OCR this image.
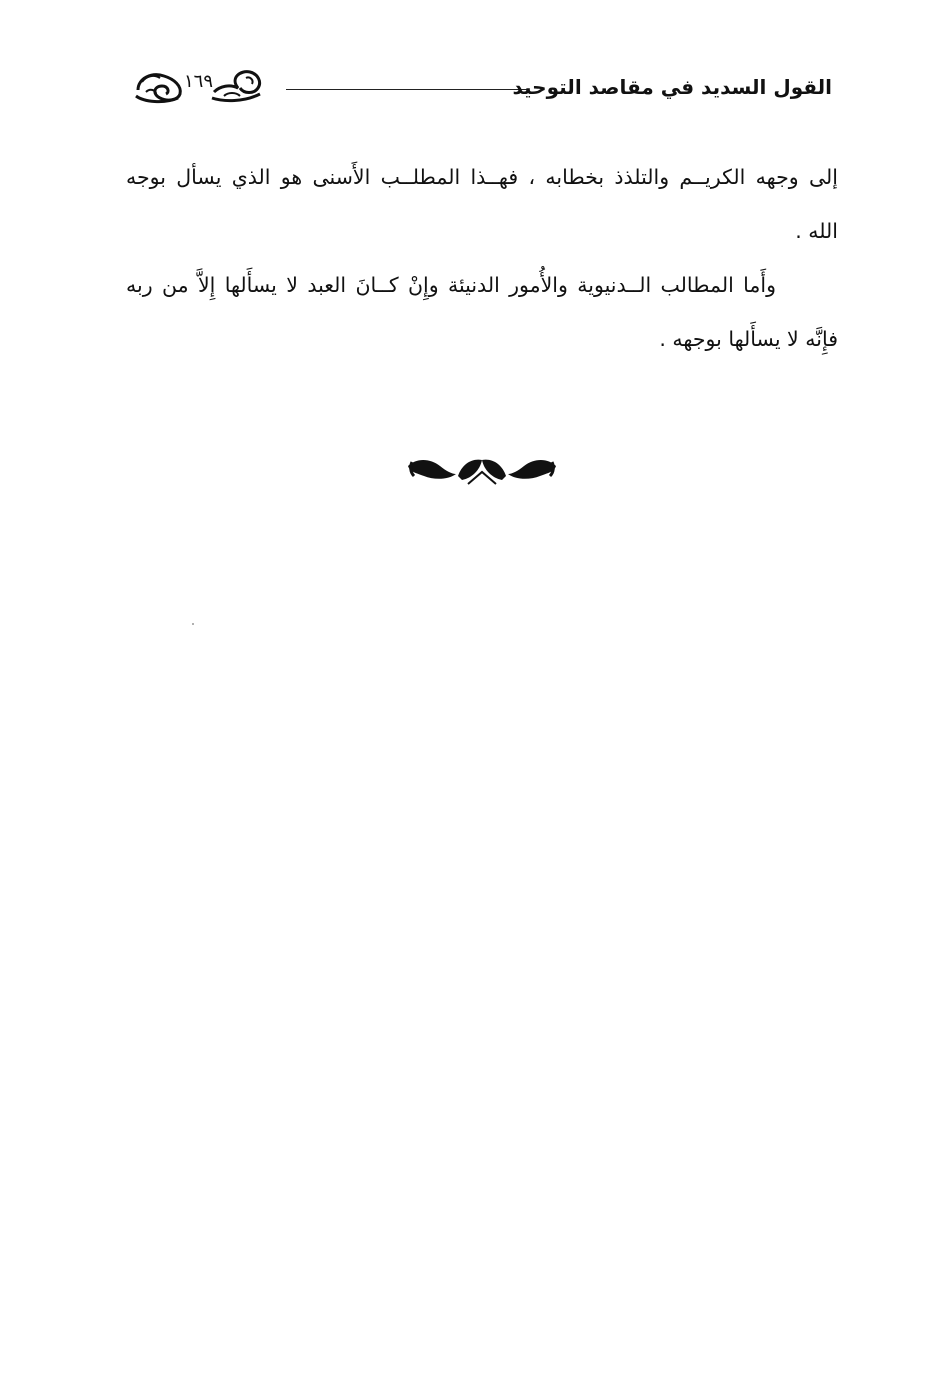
١٦٩	القول السديد في مقاصد التوحيد
إلى وجهه الكريــم والتلذذ بخطابه ، فهــذا المطلــب الأَسنى هو الذي يسأل بوجه
الله .
وأَما المطالب الــدنيوية والأُمور الدنيئة وإِنْ كــانَ العبد لا يسأَلها إِلاَّ من ربه
فإِنَّه لا يسأَلها بوجهه .
